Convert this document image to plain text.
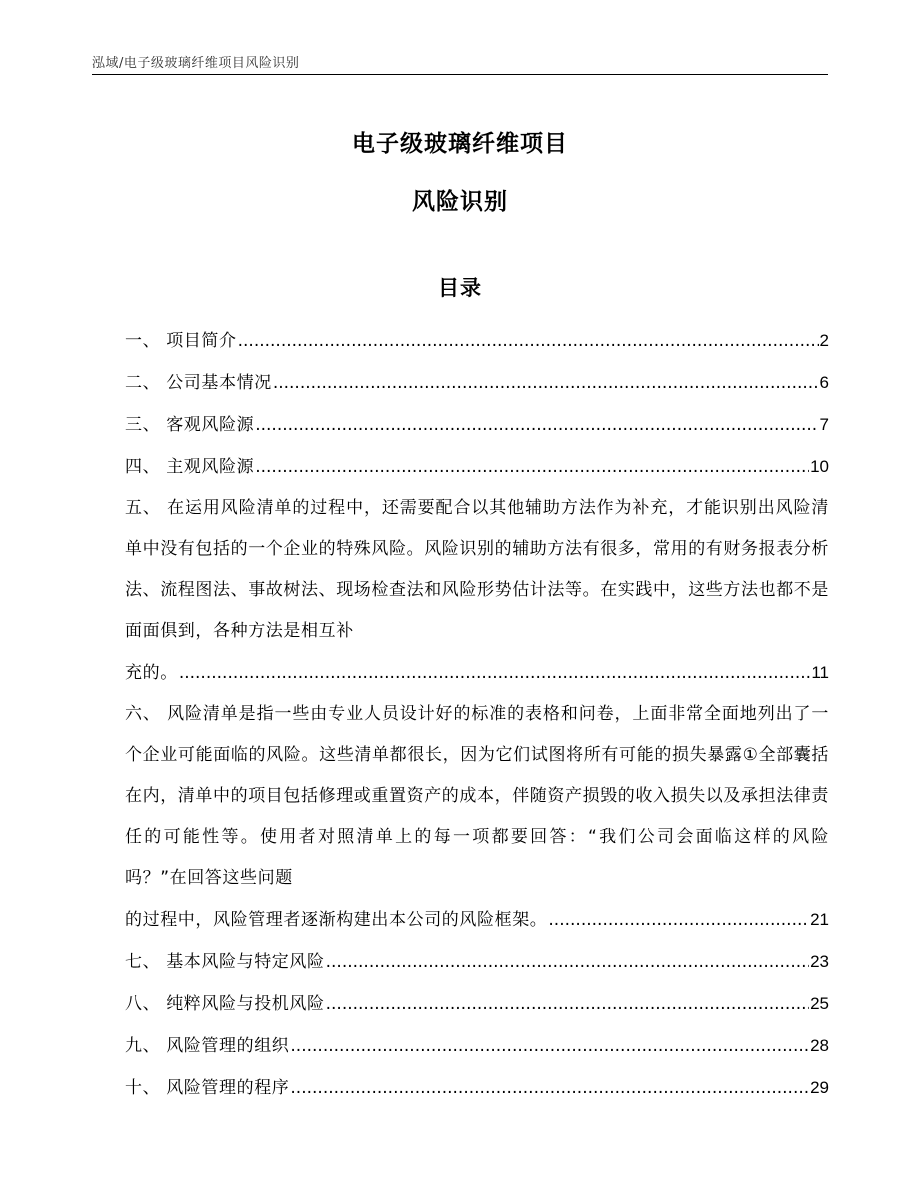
泓域/电子级玻璃纤维项目风险识别
电子级玻璃纤维项目
风险识别
目录
一、 项目简介 .....	2
二、 公司基本情况 .....	6
三、 客观风险源 .....	7
四、 主观风险源 .....	10
五、 在运用风险清单的过程中，还需要配合以其他辅助方法作为补充，才能识别出风险清单中没有包括的一个企业的特殊风险。风险识别的辅助方法有很多，常用的有财务报表分析法、流程图法、事故树法、现场检查法和风险形势估计法等。在实践中，这些方法也都不是面面俱到，各种方法是相互补
充的。 .....	11
六、 风险清单是指一些由专业人员设计好的标准的表格和问卷，上面非常全面地列出了一个企业可能面临的风险。这些清单都很长，因为它们试图将所有可能的损失暴露①全部囊括在内，清单中的项目包括修理或重置资产的成本，伴随资产损毁的收入损失以及承担法律责任的可能性等。使用者对照清单上的每一项都要回答：“我们公司会面临这样的风险吗？”在回答这些问题
的过程中，风险管理者逐渐构建出本公司的风险框架。 .....	21
七、 基本风险与特定风险 .....	23
八、 纯粹风险与投机风险 .....	25
九、 风险管理的组织 .....	28
十、 风险管理的程序 .....	29
